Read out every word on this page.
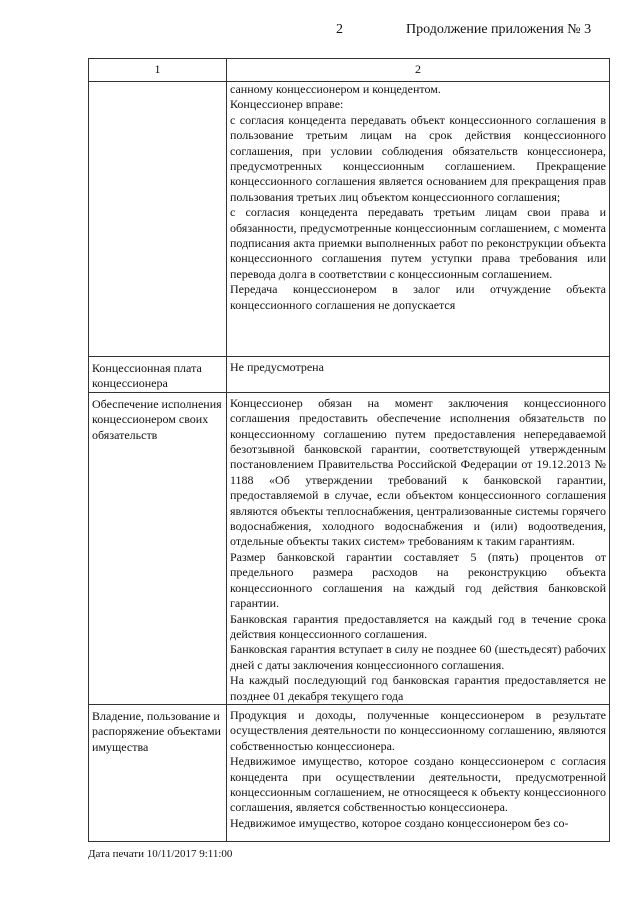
2	Продолжение приложения № 3
1	2

	санному концессионером и концедентом.
Концессионер вправе:
с согласия концедента передавать объект концессионного соглашения в пользование третьим лицам на срок действия концессионного соглашения, при условии соблюдения обязательств концессионера, предусмотренных концессионным соглашением. Прекращение концессионного соглашения является основанием для прекращения прав пользования третьих лиц объектом концессионного соглашения;
с согласия концедента передавать третьим лицам свои права и обязанности, предусмотренные концессионным соглашением, с момента подписания акта приемки выполненных работ по реконструкции объекта концессионного соглашения путем уступки права требования или перевода долга в соответствии с концессионным соглашением.
Передача концессионером в залог или отчуждение объекта концессионного соглашения не допускается

Концессионная плата концессионера	Не предусмотрена

Обеспечение исполнения концессионером своих обязательств	Концессионер обязан на момент заключения концессионного соглашения предоставить обеспечение исполнения обязательств по концессионному соглашению путем предоставления непередаваемой безотзывной банковской гарантии, соответствующей утвержденным постановлением Правительства Российской Федерации от 19.12.2013 № 1188 «Об утверждении требований к банковской гарантии, предоставляемой в случае, если объектом концессионного соглашения являются объекты теплоснабжения, централизованные системы горячего водоснабжения, холодного водоснабжения и (или) водоотведения, отдельные объекты таких систем» требованиям к таким гарантиям.
Размер банковской гарантии составляет 5 (пять) процентов от предельного размера расходов на реконструкцию объекта концессионного соглашения на каждый год действия банковской гарантии.
Банковская гарантия предоставляется на каждый год в течение срока действия концессионного соглашения.
Банковская гарантия вступает в силу не позднее 60 (шестьдесят) рабочих дней с даты заключения концессионного соглашения.
На каждый последующий год банковская гарантия предоставляется не позднее 01 декабря текущего года

Владение, пользование и распоряжение объектами имущества	Продукция и доходы, полученные концессионером в результате осуществления деятельности по концессионному соглашению, являются собственностью концессионера.
Недвижимое имущество, которое создано концессионером с согласия концедента при осуществлении деятельности, предусмотренной концессионным соглашением, не относящееся к объекту концессионного соглашения, является собственностью концессионера.
Недвижимое имущество, которое создано концессионером без со-
Дата печати 10/11/2017 9:11:00
